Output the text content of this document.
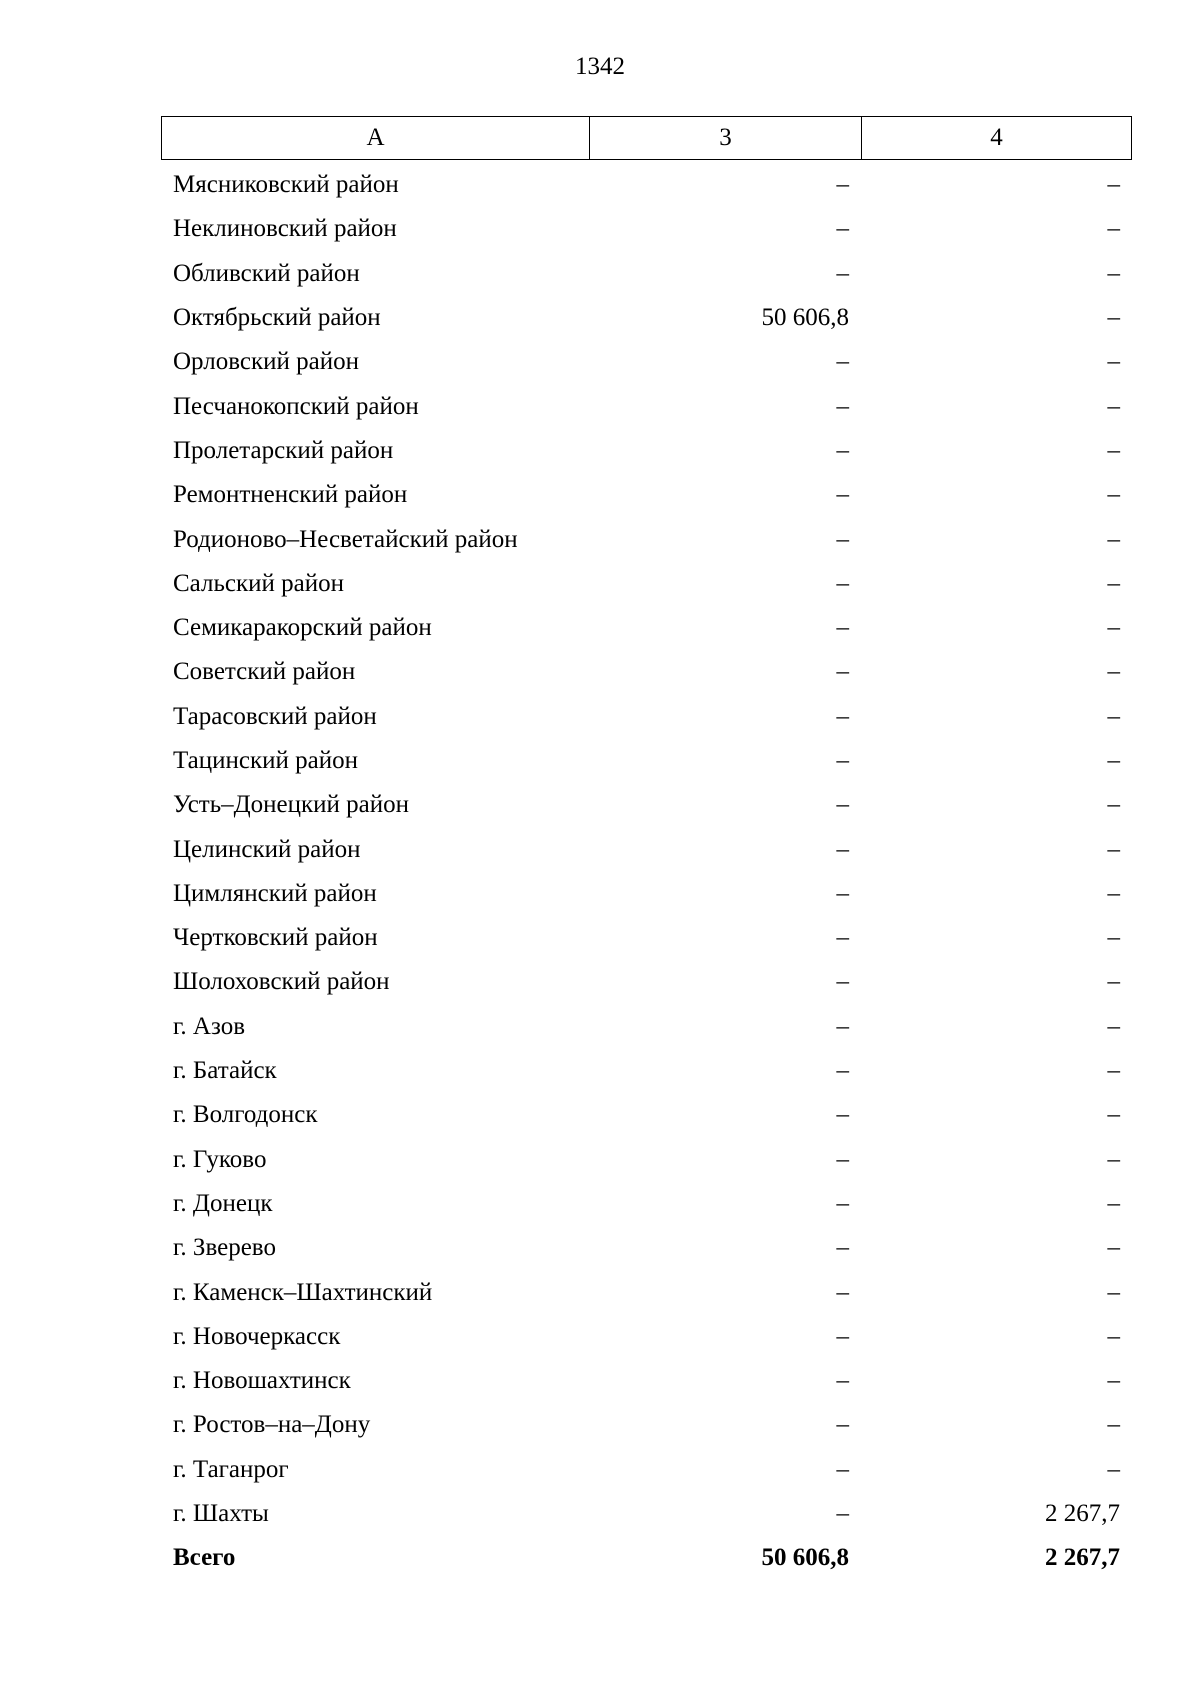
1342
А	3	4
Мясниковский район	–	–
Неклиновский район	–	–
Обливский район	–	–
Октябрьский район	50 606,8	–
Орловский район	–	–
Песчанокопский район	–	–
Пролетарский район	–	–
Ремонтненский район	–	–
Родионово–Несветайский район	–	–
Сальский район	–	–
Семикаракорский район	–	–
Советский район	–	–
Тарасовский район	–	–
Тацинский район	–	–
Усть–Донецкий район	–	–
Целинский район	–	–
Цимлянский район	–	–
Чертковский район	–	–
Шолоховский район	–	–
г. Азов	–	–
г. Батайск	–	–
г. Волгодонск	–	–
г. Гуково	–	–
г. Донецк	–	–
г. Зверево	–	–
г. Каменск–Шахтинский	–	–
г. Новочеркасск	–	–
г. Новошахтинск	–	–
г. Ростов–на–Дону	–	–
г. Таганрог	–	–
г. Шахты	–	2 267,7
Всего	50 606,8	2 267,7
